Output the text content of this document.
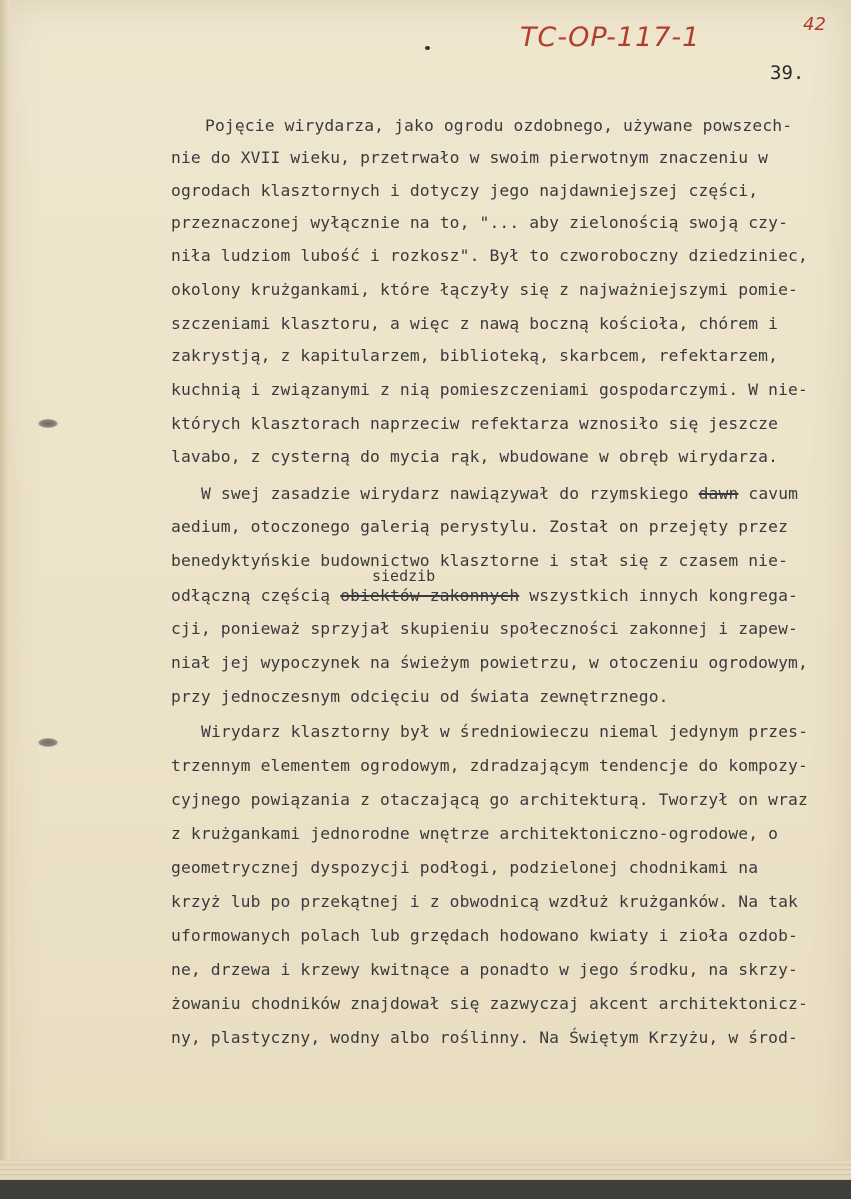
TC-OP-117-1	42
39.

Pojęcie wirydarza, jako ogrodu ozdobnego, używane powszech-

nie do XVII wieku, przetrwało w swoim pierwotnym znaczeniu w

ogrodach klasztornych i dotyczy jego najdawniejszej części,

przeznaczonej wyłącznie na to, "... aby zielonością swoją czy-

niła ludziom lubość i rozkosz". Był to czworoboczny dziedziniec,

okolony krużgankami, które łączyły się z najważniejszymi pomie-

szczeniami klasztoru, a więc z nawą boczną kościoła, chórem i

zakrystją, z kapitularzem, biblioteką, skarbcem, refektarzem,

kuchnią i związanymi z nią pomieszczeniami gospodarczymi. W nie-

których klasztorach naprzeciw refektarza wznosiło się jeszcze

lavabo, z cysterną do mycia rąk, wbudowane w obręb wirydarza.

W swej zasadzie wirydarz nawiązywał do rzymskiego dawn cavum

aedium, otoczonego galerią perystylu. Został on przejęty przez

benedyktyńskie budownictwo klasztorne i stał się z czasem nie-

siedzib

odłączną częścią obiektów zakonnych wszystkich innych kongrega-

cji, ponieważ sprzyjał skupieniu społeczności zakonnej i zapew-

niał jej wypoczynek na świeżym powietrzu, w otoczeniu ogrodowym,

przy jednoczesnym odcięciu od świata zewnętrznego.

Wirydarz klasztorny był w średniowieczu niemal jedynym przes-

trzennym elementem ogrodowym, zdradzającym tendencje do kompozy-

cyjnego powiązania z otaczającą go architekturą. Tworzył on wraz

z krużgankami jednorodne wnętrze architektoniczno-ogrodowe, o

geometrycznej dyspozycji podłogi, podzielonej chodnikami na

krzyż lub po przekątnej i z obwodnicą wzdłuż krużganków. Na tak

uformowanych polach lub grzędach hodowano kwiaty i zioła ozdob-

ne, drzewa i krzewy kwitnące a ponadto w jego środku, na skrzy-

żowaniu chodników znajdował się zazwyczaj akcent architektonicz-

ny, plastyczny, wodny albo roślinny. Na Świętym Krzyżu, w środ-
